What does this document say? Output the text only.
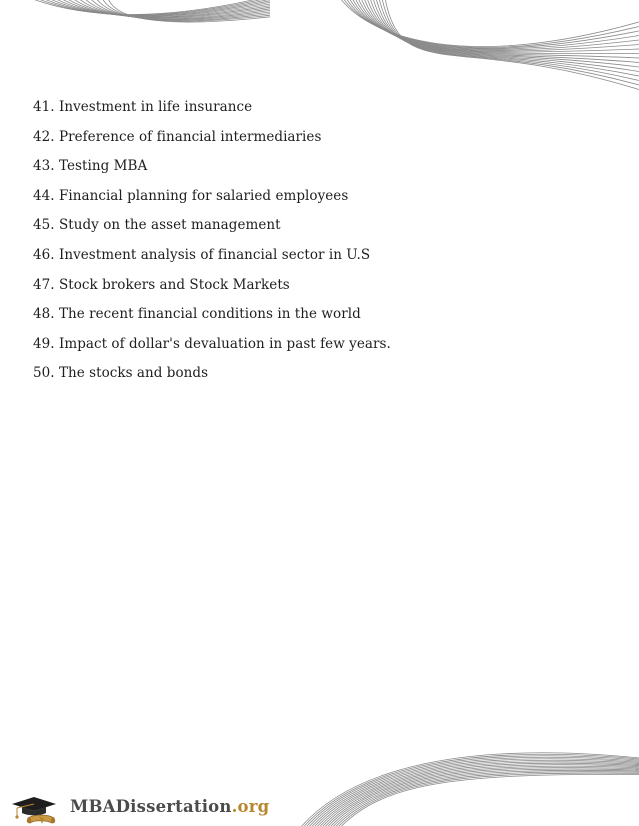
41. Investment in life insurance
42. Preference of financial intermediaries
43. Testing MBA
44. Financial planning for salaried employees
45. Study on the asset management
46. Investment analysis of financial sector in U.S
47. Stock brokers and Stock Markets
48. The recent financial conditions in the world
49. Impact of dollar's devaluation in past few years.
50. The stocks and bonds
MBADissertation.org
